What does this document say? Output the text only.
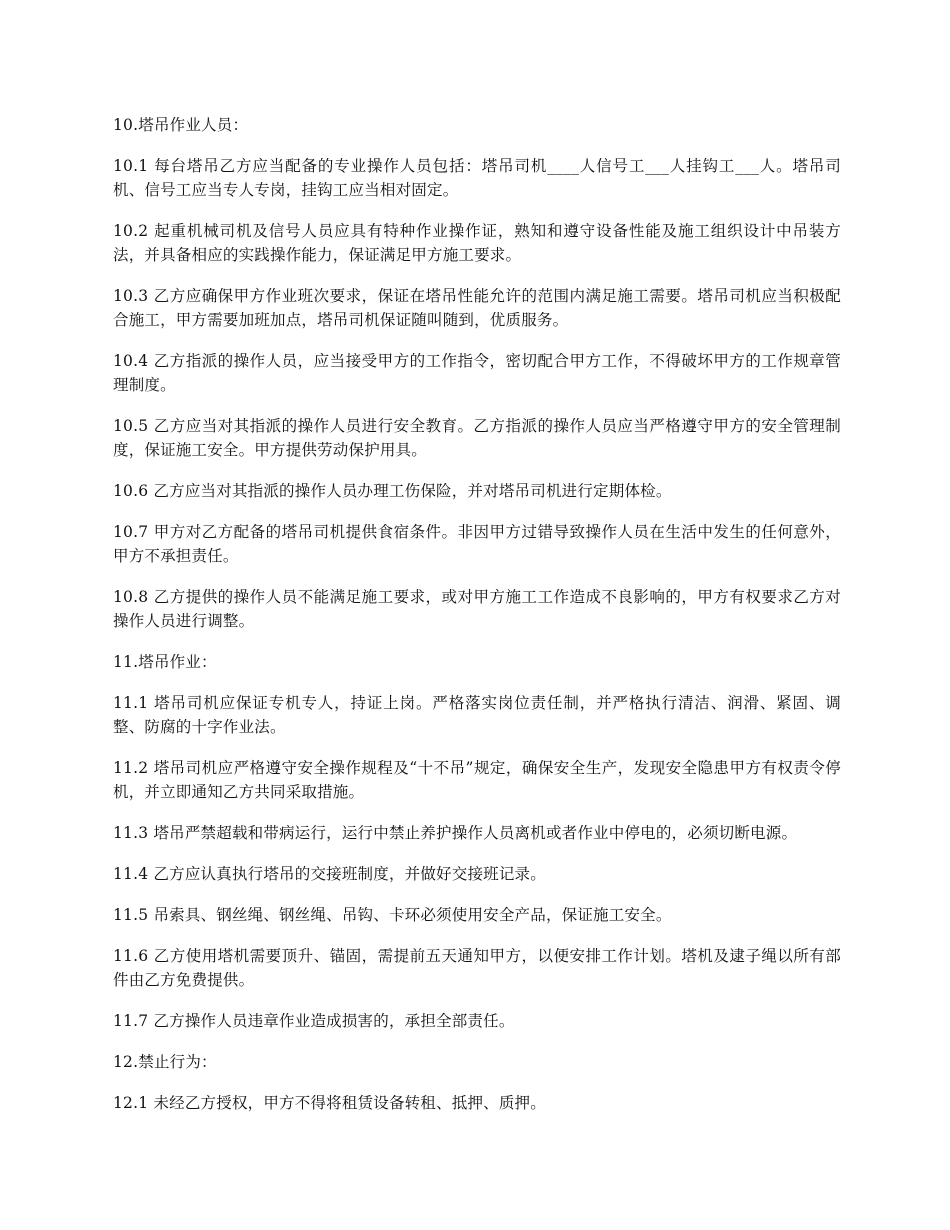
10.塔吊作业人员：

10.1 每台塔吊乙方应当配备的专业操作人员包括：塔吊司机____人信号工___人挂钩工___人。塔吊司机、信号工应当专人专岗，挂钩工应当相对固定。

10.2 起重机械司机及信号人员应具有特种作业操作证，熟知和遵守设备性能及施工组织设计中吊装方法，并具备相应的实践操作能力，保证满足甲方施工要求。

10.3 乙方应确保甲方作业班次要求，保证在塔吊性能允许的范围内满足施工需要。塔吊司机应当积极配合施工，甲方需要加班加点，塔吊司机保证随叫随到，优质服务。

10.4 乙方指派的操作人员，应当接受甲方的工作指令，密切配合甲方工作，不得破坏甲方的工作规章管理制度。

10.5 乙方应当对其指派的操作人员进行安全教育。乙方指派的操作人员应当严格遵守甲方的安全管理制度，保证施工安全。甲方提供劳动保护用具。

10.6 乙方应当对其指派的操作人员办理工伤保险，并对塔吊司机进行定期体检。

10.7 甲方对乙方配备的塔吊司机提供食宿条件。非因甲方过错导致操作人员在生活中发生的任何意外，甲方不承担责任。

10.8 乙方提供的操作人员不能满足施工要求，或对甲方施工工作造成不良影响的，甲方有权要求乙方对操作人员进行调整。

11.塔吊作业：

11.1 塔吊司机应保证专机专人，持证上岗。严格落实岗位责任制，并严格执行清洁、润滑、紧固、调整、防腐的十字作业法。

11.2 塔吊司机应严格遵守安全操作规程及“十不吊”规定，确保安全生产，发现安全隐患甲方有权责令停机，并立即通知乙方共同采取措施。

11.3 塔吊严禁超载和带病运行，运行中禁止养护操作人员离机或者作业中停电的，必须切断电源。

11.4 乙方应认真执行塔吊的交接班制度，并做好交接班记录。

11.5 吊索具、钢丝绳、钢丝绳、吊钩、卡环必须使用安全产品，保证施工安全。

11.6 乙方使用塔机需要顶升、锚固，需提前五天通知甲方，以便安排工作计划。塔机及逮子绳以所有部件由乙方免费提供。

11.7 乙方操作人员违章作业造成损害的，承担全部责任。

12.禁止行为：

12.1 未经乙方授权，甲方不得将租赁设备转租、抵押、质押。
